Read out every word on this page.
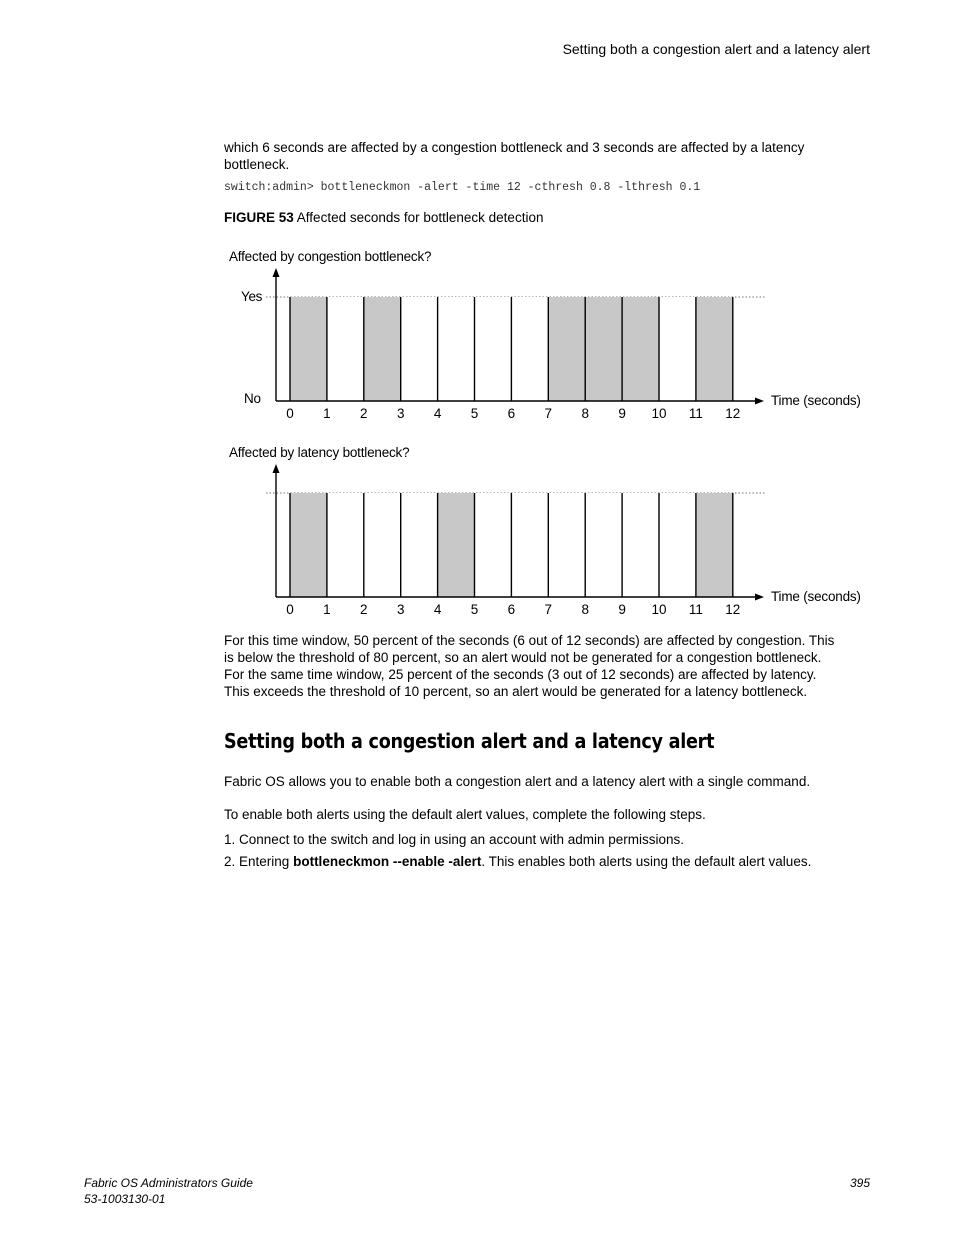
Setting both a congestion alert and a latency alert
which 6 seconds are affected by a congestion bottleneck and 3 seconds are affected by a latency bottleneck.
switch:admin> bottleneckmon -alert -time 12 -cthresh 0.8 -lthresh 0.1
FIGURE 53 Affected seconds for bottleneck detection
Affected by congestion bottleneck?
No
Yes
0 1 2 3 4 5 6 7 8 9 10 11 12
Time (seconds)
Affected by latency bottleneck?
0 1 2 3 4 5 6 7 8 9 10 11 12
Time (seconds)
For this time window, 50 percent of the seconds (6 out of 12 seconds) are affected by congestion. This
is below the threshold of 80 percent, so an alert would not be generated for a congestion bottleneck.
For the same time window, 25 percent of the seconds (3 out of 12 seconds) are affected by latency.
This exceeds the threshold of 10 percent, so an alert would be generated for a latency bottleneck.
Setting both a congestion alert and a latency alert
Fabric OS allows you to enable both a congestion alert and a latency alert with a single command.
To enable both alerts using the default alert values, complete the following steps.
1. Connect to the switch and log in using an account with admin permissions.
2. Entering bottleneckmon --enable -alert. This enables both alerts using the default alert values.
Fabric OS Administrators Guide
53-1003130-01
395
